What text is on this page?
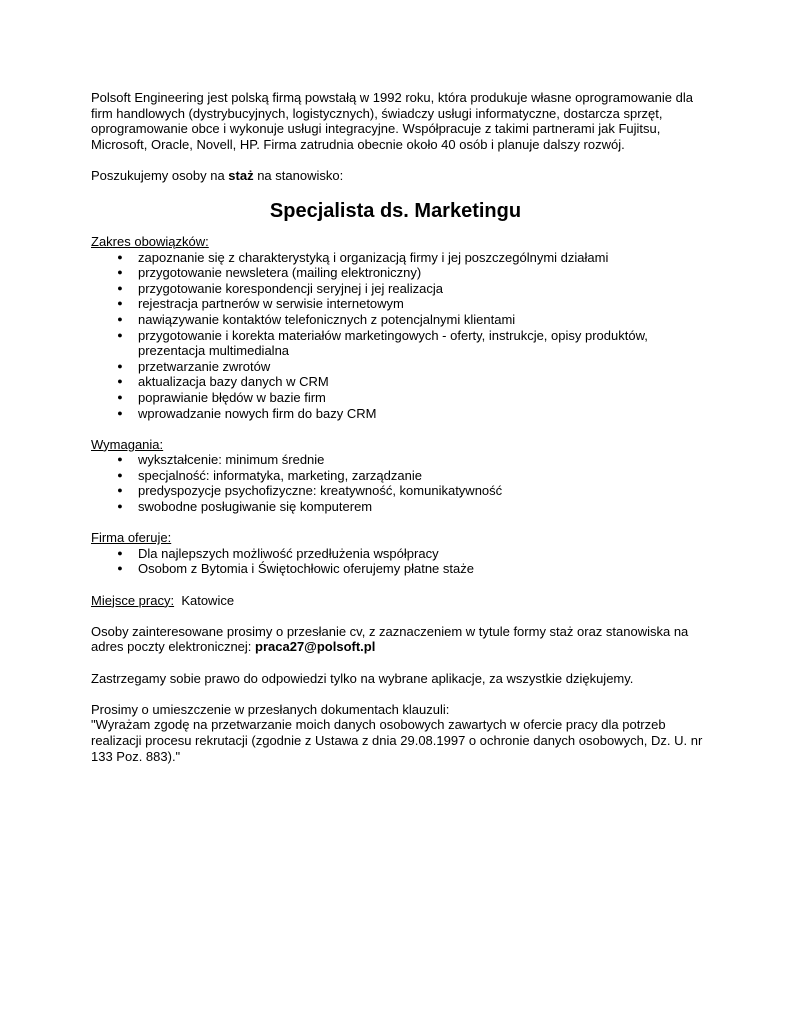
Polsoft Engineering jest polską firmą powstałą w 1992 roku, która produkuje własne oprogramowanie dla firm handlowych (dystrybucyjnych, logistycznych), świadczy usługi informatyczne, dostarcza sprzęt, oprogramowanie obce i wykonuje usługi integracyjne. Współpracuje z takimi partnerami jak Fujitsu, Microsoft, Oracle, Novell, HP. Firma zatrudnia obecnie około 40 osób i planuje dalszy rozwój.

Poszukujemy osoby na staż na stanowisko:

Specjalista ds. Marketingu

Zakres obowiązków:

● zapoznanie się z charakterystyką i organizacją firmy i jej poszczególnymi działami
● przygotowanie newsletera (mailing elektroniczny)
● przygotowanie korespondencji seryjnej i jej realizacja
● rejestracja partnerów w serwisie internetowym
● nawiązywanie kontaktów telefonicznych z potencjalnymi klientami
● przygotowanie i korekta materiałów marketingowych - oferty, instrukcje, opisy produktów, prezentacja multimedialna
● przetwarzanie zwrotów
● aktualizacja bazy danych w CRM
● poprawianie błędów w bazie firm
● wprowadzanie nowych firm do bazy CRM

Wymagania:

● wykształcenie: minimum średnie
● specjalność: informatyka, marketing, zarządzanie
● predyspozycje psychofizyczne: kreatywność, komunikatywność
● swobodne posługiwanie się komputerem

Firma oferuje:

● Dla najlepszych możliwość przedłużenia współpracy
● Osobom z Bytomia i Świętochłowic oferujemy płatne staże

Miejsce pracy: Katowice

Osoby zainteresowane prosimy o przesłanie cv, z zaznaczeniem w tytule formy staż oraz stanowiska na adres poczty elektronicznej: praca27@polsoft.pl

Zastrzegamy sobie prawo do odpowiedzi tylko na wybrane aplikacje, za wszystkie dziękujemy.

Prosimy o umieszczenie w przesłanych dokumentach klauzuli:

"Wyrażam zgodę na przetwarzanie moich danych osobowych zawartych w ofercie pracy dla potrzeb realizacji procesu rekrutacji (zgodnie z Ustawa z dnia 29.08.1997 o ochronie danych osobowych, Dz. U. nr 133 Poz. 883)."
